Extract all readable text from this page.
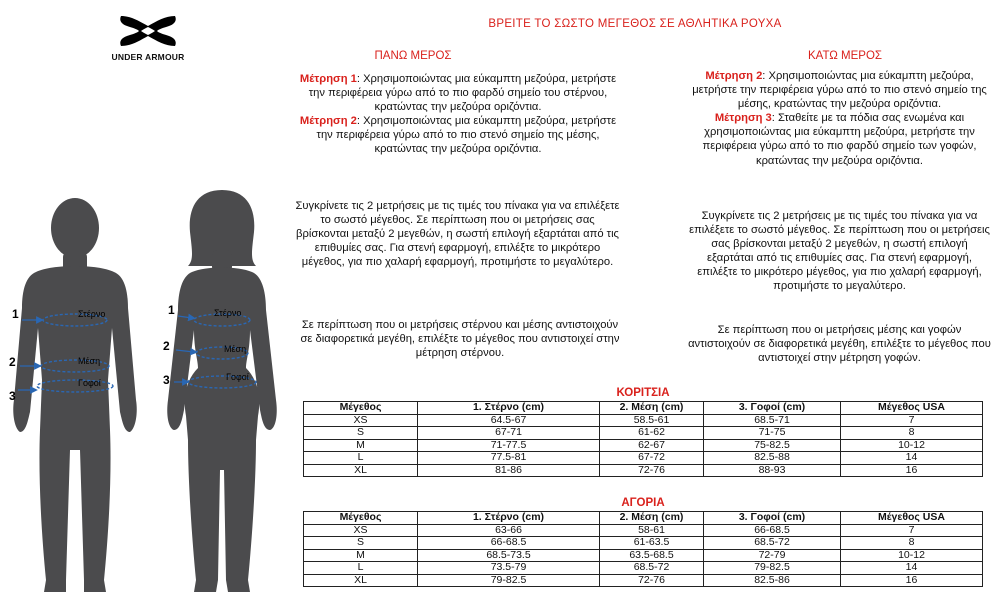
UNDER ARMOUR
ΒΡΕΙΤΕ ΤΟ ΣΩΣΤΟ ΜΕΓΕΘΟΣ ΣΕ ΑΘΛΗΤΙΚΑ ΡΟΥΧΑ
ΠΑΝΩ ΜΕΡΟΣ	ΚΑΤΩ ΜΕΡΟΣ
Μέτρηση 1: Χρησιμοποιώντας μια εύκαμπτη μεζούρα, μετρήστε την περιφέρεια γύρω από το πιο φαρδύ σημείο του στέρνου, κρατώντας την μεζούρα οριζόντια.
Μέτρηση 2: Χρησιμοποιώντας μια εύκαμπτη μεζούρα, μετρήστε την περιφέρεια γύρω από το πιο στενό σημείο της μέσης, κρατώντας την μεζούρα οριζόντια.
Συγκρίνετε τις 2 μετρήσεις με τις τιμές του πίνακα για να επιλέξετε το σωστό μέγεθος. Σε περίπτωση που οι μετρήσεις σας βρίσκονται μεταξύ 2 μεγεθών, η σωστή επιλογή εξαρτάται από τις επιθυμίες σας. Για στενή εφαρμογή, επιλέξτε το μικρότερο μέγεθος, για πιο χαλαρή εφαρμογή, προτιμήστε το μεγαλύτερο.
Σε περίπτωση που οι μετρήσεις στέρνου και μέσης αντιστοιχούν σε διαφορετικά μεγέθη, επιλέξτε το μέγεθος που αντιστοιχεί στην μέτρηση στέρνου.
Μέτρηση 2: Χρησιμοποιώντας μια εύκαμπτη μεζούρα, μετρήστε την περιφέρεια γύρω από το πιο στενό σημείο της μέσης, κρατώντας την μεζούρα οριζόντια.
Μέτρηση 3: Σταθείτε με τα πόδια σας ενωμένα και χρησιμοποιώντας μια εύκαμπτη μεζούρα, μετρήστε την περιφέρεια γύρω από το πιο φαρδύ σημείο των γοφών, κρατώντας την μεζούρα οριζόντια.
Συγκρίνετε τις 2 μετρήσεις με τις τιμές του πίνακα για να επιλέξετε το σωστό μέγεθος. Σε περίπτωση που οι μετρήσεις σας βρίσκονται μεταξύ 2 μεγεθών, η σωστή επιλογή εξαρτάται από τις επιθυμίες σας. Για στενή εφαρμογή, επιλέξτε το μικρότερο μέγεθος, για πιο χαλαρή εφαρμογή, προτιμήστε το μεγαλύτερο.
Σε περίπτωση που οι μετρήσεις μέσης και γοφών αντιστοιχούν σε διαφορετικά μεγέθη, επιλέξτε το μέγεθος που αντιστοιχεί στην μέτρηση γοφών.
1
2
3
1
2
3
Στέρνο
Μέση
Γοφοί
Στέρνο
Μέση
Γοφοί
ΚΟΡΙΤΣΙΑ
Μέγεθος	1. Στέρνο (cm)	2. Μέση (cm)	3. Γοφοί (cm)	Μέγεθος USA
XS	64.5-67	58.5-61	68.5-71	7
S	67-71	61-62	71-75	8
M	71-77.5	62-67	75-82.5	10-12
L	77.5-81	67-72	82.5-88	14
XL	81-86	72-76	88-93	16
ΑΓΟΡΙΑ
Μέγεθος	1. Στέρνο (cm)	2. Μέση (cm)	3. Γοφοί (cm)	Μέγεθος USA
XS	63-66	58-61	66-68.5	7
S	66-68.5	61-63.5	68.5-72	8
M	68.5-73.5	63.5-68.5	72-79	10-12
L	73.5-79	68.5-72	79-82.5	14
XL	79-82.5	72-76	82.5-86	16
